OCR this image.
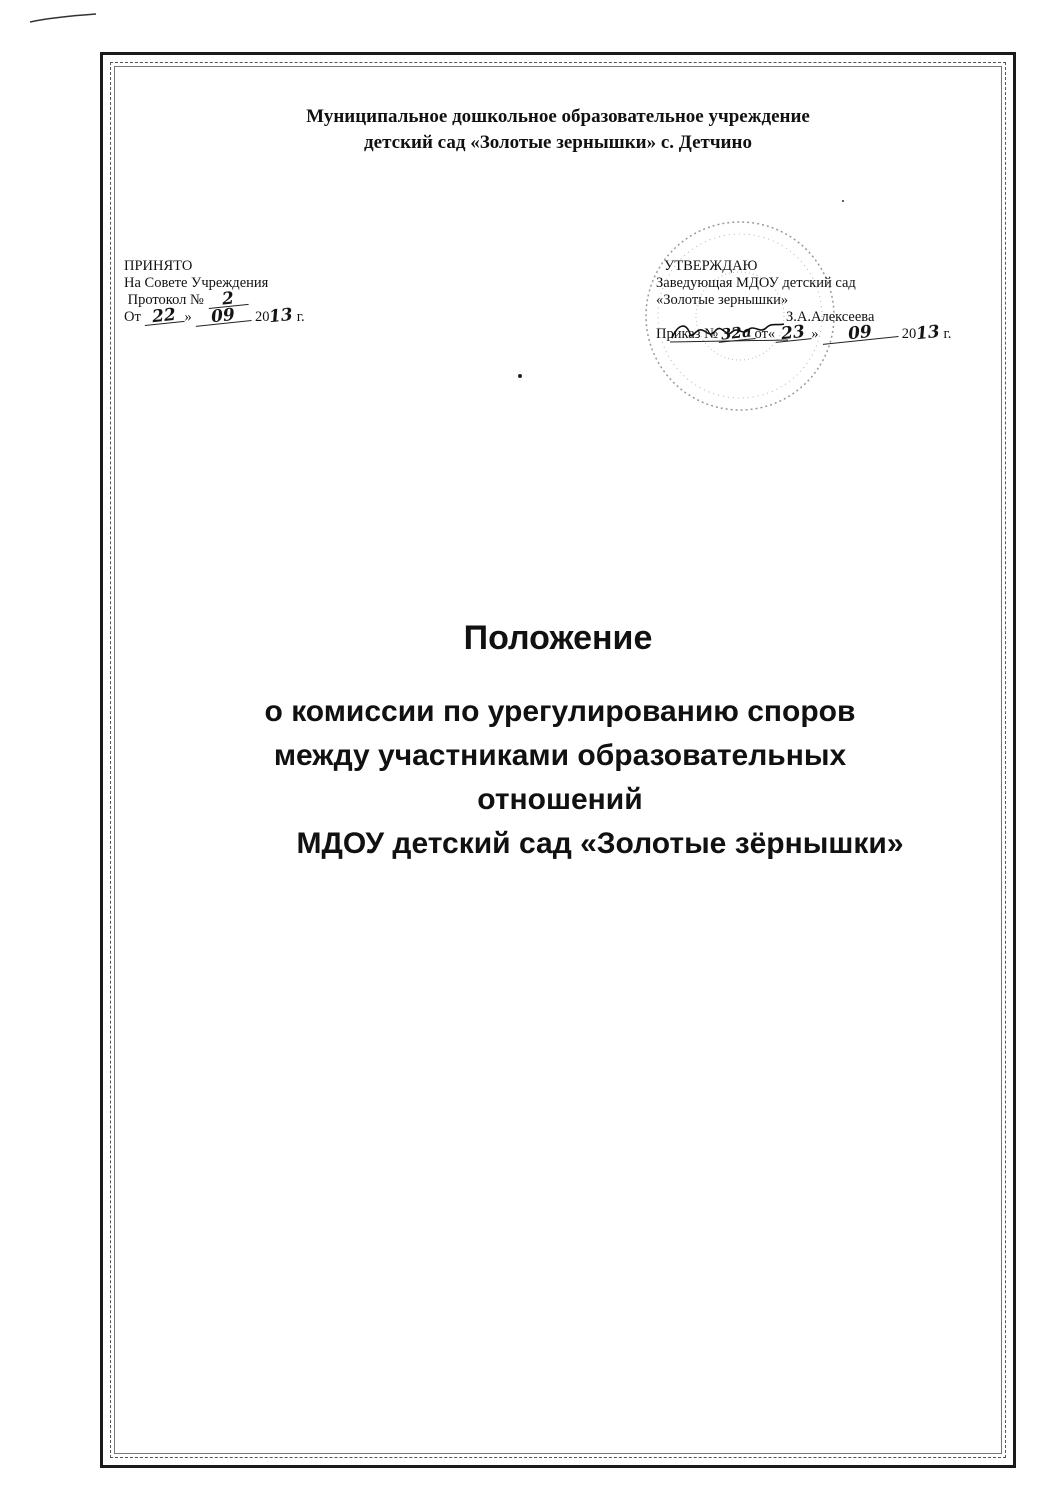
Муниципальное дошкольное образовательное учреждение
детский сад «Золотые зернышки» с. Детчино
ПРИНЯТО
На Совете Учреждения
Протокол № 2
От 22 » 09 2013 г.
УТВЕРЖДАЮ
Заведующая МДОУ детский сад
«Золотые зернышки»
З.А.Алексеева
Приказ № 32а от« 23 » 09 2013 г.
Положение
о комиссии по урегулированию споров
между участниками образовательных
отношений
МДОУ детский сад «Золотые зёрнышки»
